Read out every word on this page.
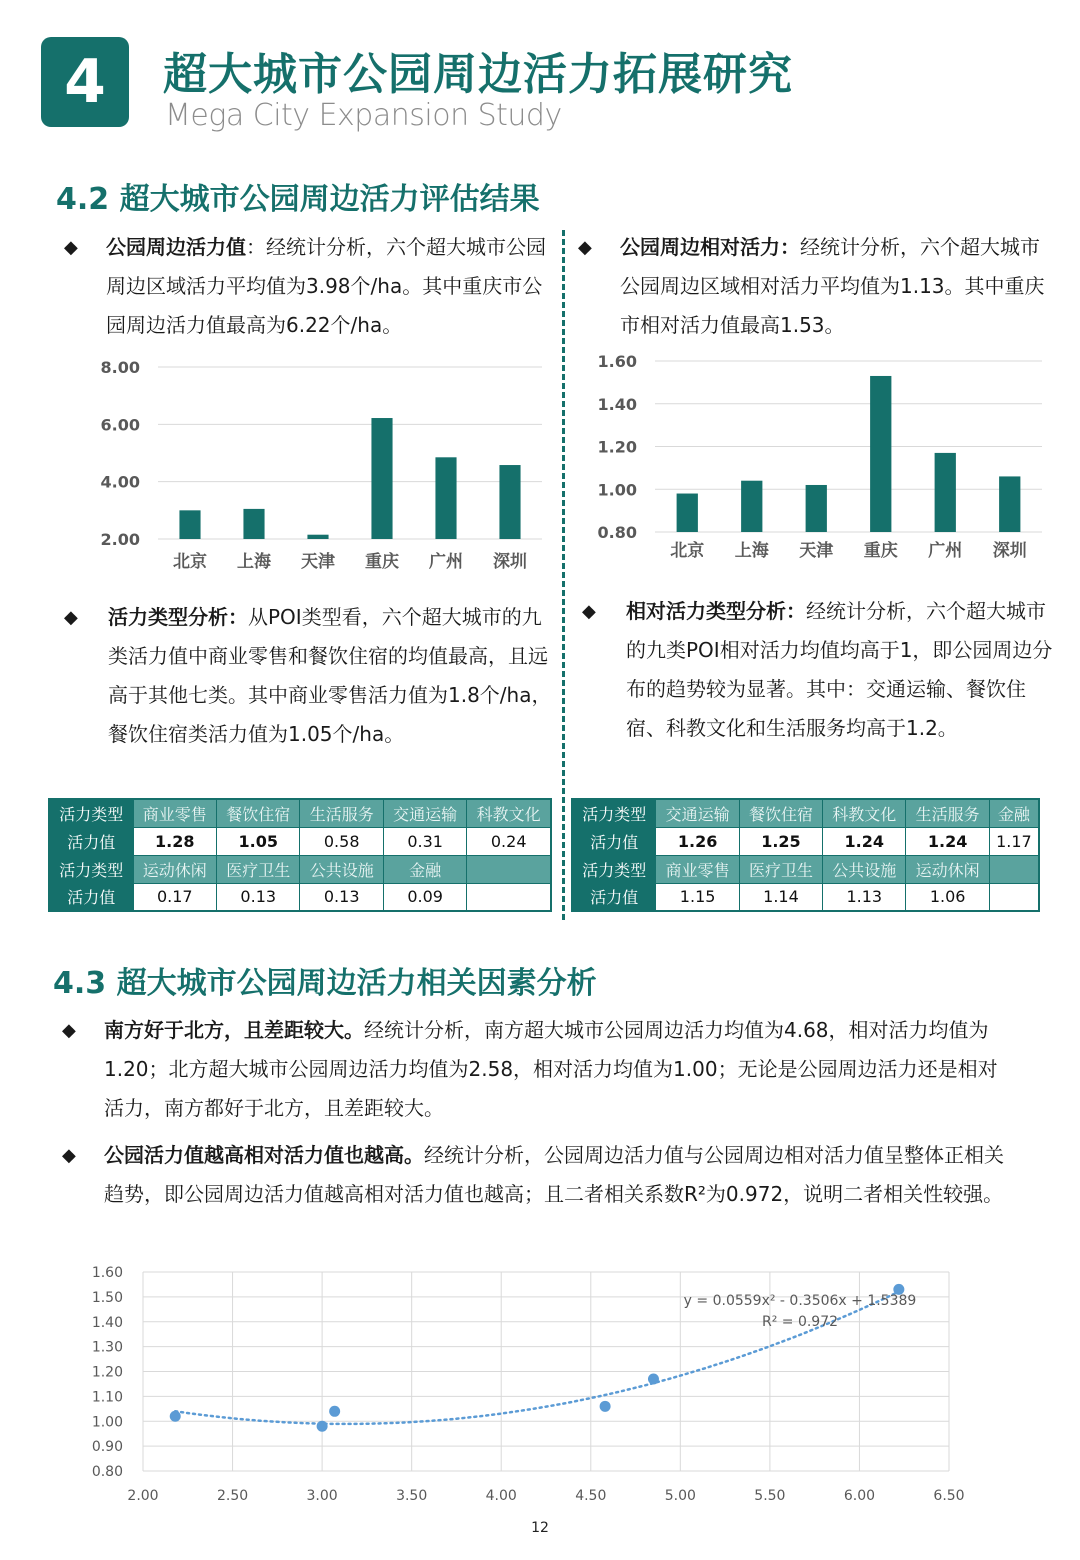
4 超大城市公园周边活力拓展研究
Mega City Expansion Study
4.2 超大城市公园周边活力评估结果
◆	公园周边活力值：经统计分析，六个超大城市公园周边区域活力平均值为3.98个/ha。其中重庆市公园周边活力值最高为6.22个/ha。
◆	公园周边相对活力：经统计分析，六个超大城市公园周边区域相对活力平均值为1.13。其中重庆市相对活力值最高1.53。
2.00
4.00
6.00
8.00
北京 上海 天津 重庆 广州 深圳
0.80
1.00
1.20
1.40
1.60
北京 上海 天津 重庆 广州 深圳
◆	活力类型分析：从POI类型看，六个超大城市的九类活力值中商业零售和餐饮住宿的均值最高，且远高于其他七类。其中商业零售活力值为1.8个/ha，餐饮住宿类活力值为1.05个/ha。
◆	相对活力类型分析：经统计分析，六个超大城市的九类POI相对活力均值均高于1，即公园周边分布的趋势较为显著。其中：交通运输、餐饮住宿、科教文化和生活服务均高于1.2。
活力类型	商业零售	餐饮住宿	生活服务	交通运输	科教文化
活力值	1.28	1.05	0.58	0.31	0.24
活力类型	运动休闲	医疗卫生	公共设施	金融	
活力值	0.17	0.13	0.13	0.09	
活力类型	交通运输	餐饮住宿	科教文化	生活服务	金融
活力值	1.26	1.25	1.24	1.24	1.17
活力类型	商业零售	医疗卫生	公共设施	运动休闲	
活力值	1.15	1.14	1.13	1.06	
4.3 超大城市公园周边活力相关因素分析
◆	南方好于北方，且差距较大。经统计分析，南方超大城市公园周边活力均值为4.68，相对活力均值为1.20；北方超大城市公园周边活力均值为2.58，相对活力均值为1.00；无论是公园周边活力还是相对活力，南方都好于北方，且差距较大。
◆	公园活力值越高相对活力值也越高。经统计分析，公园周边活力值与公园周边相对活力值呈整体正相关趋势，即公园周边活力值越高相对活力值也越高；且二者相关系数R²为0.972，说明二者相关性较强。
0.80
0.90
1.00
1.10
1.20
1.30
1.40
1.50
1.60
2.00	2.50	3.00	3.50	4.00	4.50	5.00	5.50	6.00	6.50
y = 0.0559x² - 0.3506x + 1.5389
R² = 0.972
12
